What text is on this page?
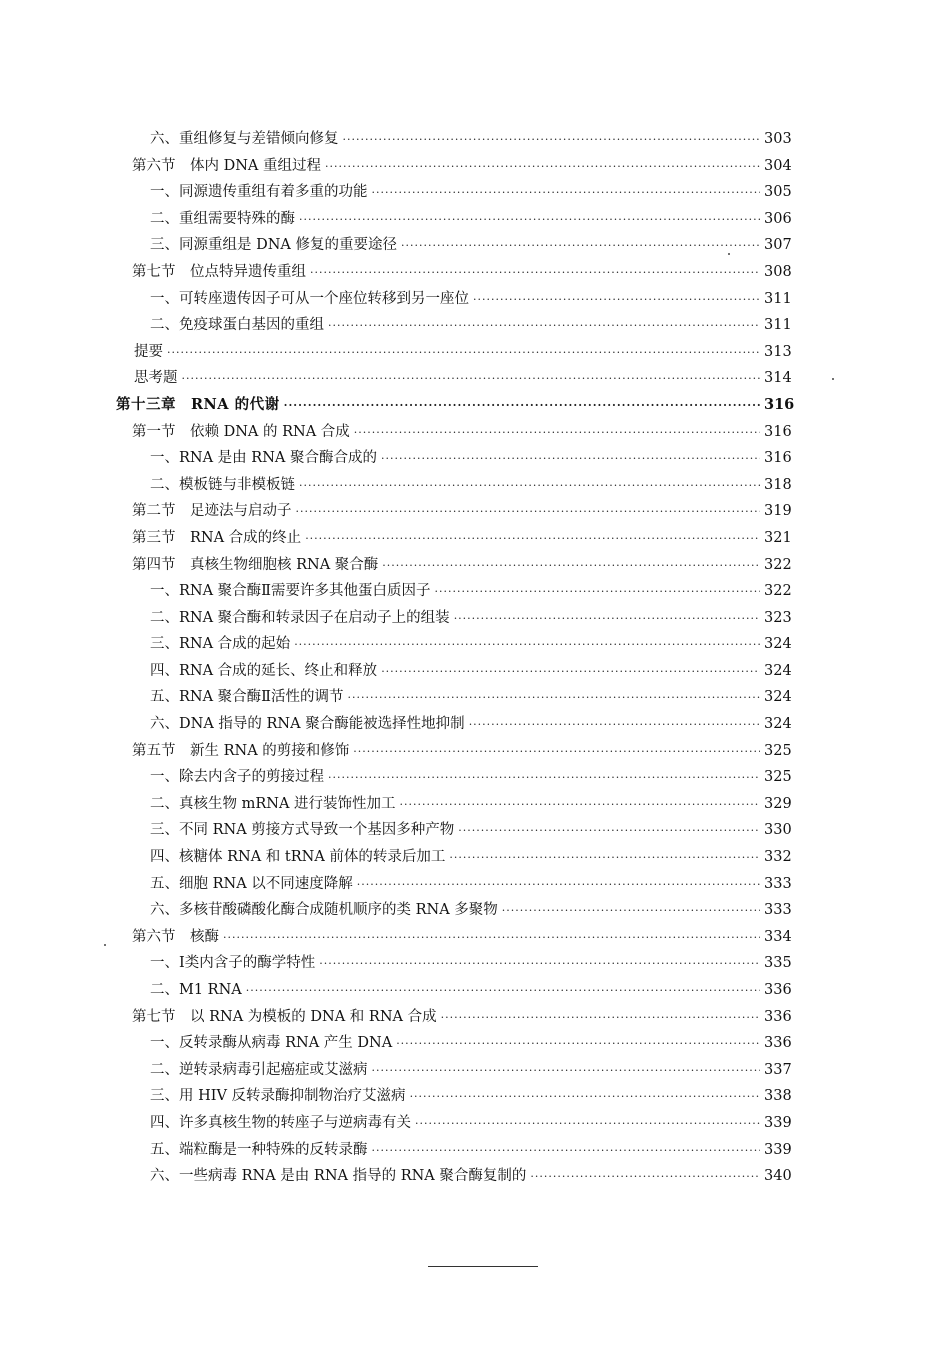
六、重组修复与差错倾向修复 ·····	303
第六节　体内 DNA 重组过程 ·····	304
一、同源遗传重组有着多重的功能 ·····	305
二、重组需要特殊的酶 ·····	306
三、同源重组是 DNA 修复的重要途径 ·····	307
第七节　位点特异遗传重组 ·····	308
一、可转座遗传因子可从一个座位转移到另一座位 ·····	311
二、免疫球蛋白基因的重组 ·····	311
提要 ·····	313
思考题 ·····	314
第十三章　RNA 的代谢 ·····	316
第一节　依赖 DNA 的 RNA 合成 ·····	316
一、RNA 是由 RNA 聚合酶合成的 ·····	316
二、模板链与非模板链 ·····	318
第二节　足迹法与启动子 ·····	319
第三节　RNA 合成的终止 ·····	321
第四节　真核生物细胞核 RNA 聚合酶 ·····	322
一、RNA 聚合酶Ⅱ需要许多其他蛋白质因子 ·····	322
二、RNA 聚合酶和转录因子在启动子上的组装 ·····	323
三、RNA 合成的起始 ·····	324
四、RNA 合成的延长、终止和释放 ·····	324
五、RNA 聚合酶Ⅱ活性的调节 ·····	324
六、DNA 指导的 RNA 聚合酶能被选择性地抑制 ·····	324
第五节　新生 RNA 的剪接和修饰 ·····	325
一、除去内含子的剪接过程 ·····	325
二、真核生物 mRNA 进行装饰性加工 ·····	329
三、不同 RNA 剪接方式导致一个基因多种产物 ·····	330
四、核糖体 RNA 和 tRNA 前体的转录后加工 ·····	332
五、细胞 RNA 以不同速度降解 ·····	333
六、多核苷酸磷酸化酶合成随机顺序的类 RNA 多聚物 ·····	333
第六节　核酶 ·····	334
一、Ⅰ类内含子的酶学特性 ·····	335
二、M1 RNA ·····	336
第七节　以 RNA 为模板的 DNA 和 RNA 合成 ·····	336
一、反转录酶从病毒 RNA 产生 DNA ·····	336
二、逆转录病毒引起癌症或艾滋病 ·····	337
三、用 HIV 反转录酶抑制物治疗艾滋病 ·····	338
四、许多真核生物的转座子与逆病毒有关 ·····	339
五、端粒酶是一种特殊的反转录酶 ·····	339
六、一些病毒 RNA 是由 RNA 指导的 RNA 聚合酶复制的 ·····	340
